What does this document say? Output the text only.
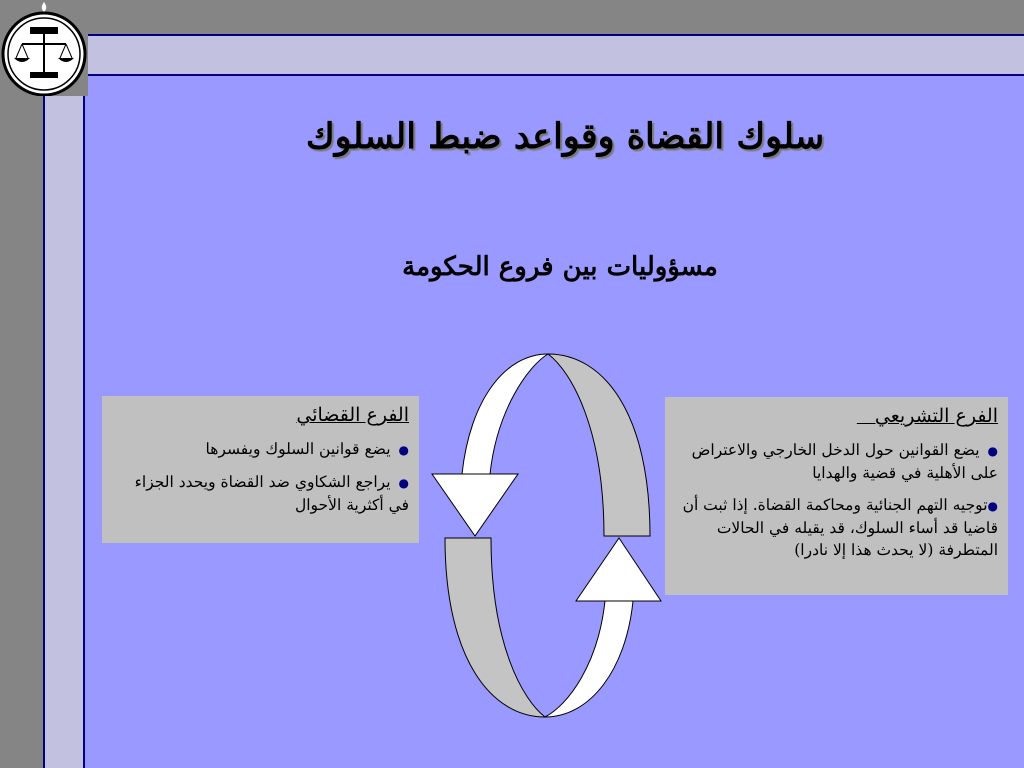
سلوك القضاة وقواعد ضبط السلوك
مسؤوليات بين فروع الحكومة

الفرع القضائي

●يضع قوانين السلوك ويفسرها

●يراجع الشكاوي ضد القضاة ويحدد الجزاء في أكثرية الأحوال

الفرع التشريعي

●يضع القوانين حول الدخل الخارجي والاعتراض على الأهلية في قضية والهدايا

●توجيه التهم الجنائية ومحاكمة القضاة. إذا ثبت أن قاضيا قد أساء السلوك، قد يقيله في الحالات المتطرفة (لا يحدث هذا إلا نادرا)
